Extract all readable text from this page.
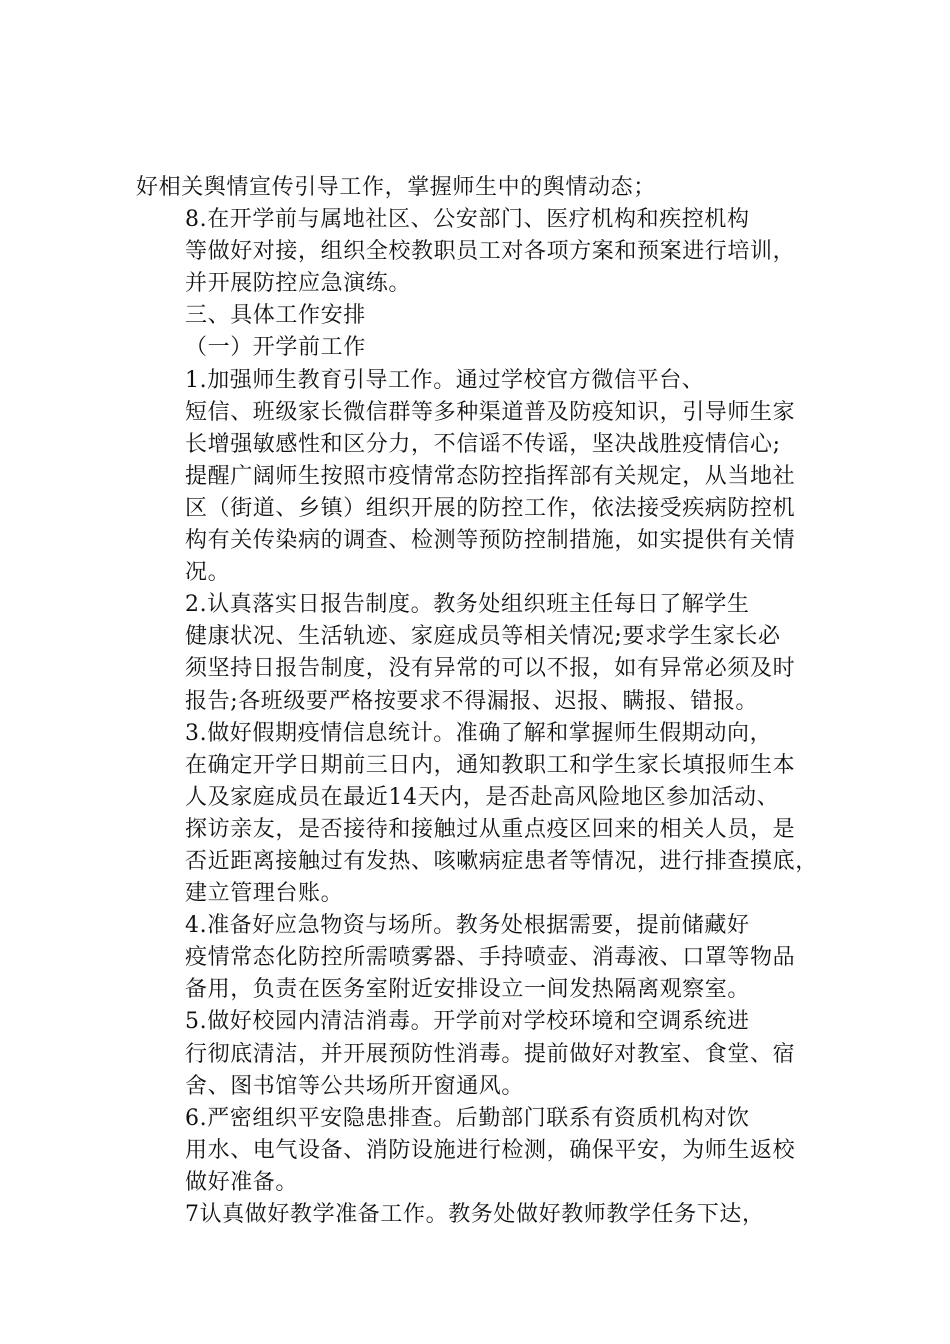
好相关舆情宣传引导工作，掌握师生中的舆情动态；
8.在开学前与属地社区、公安部门、医疗机构和疾控机构
等做好对接，组织全校教职员工对各项方案和预案进行培训，
并开展防控应急演练。
三、具体工作安排
（一）开学前工作
1.加强师生教育引导工作。通过学校官方微信平台、
短信、班级家长微信群等多种渠道普及防疫知识，引导师生家
长增强敏感性和区分力，不信谣不传谣，坚决战胜疫情信心;
提醒广阔师生按照市疫情常态防控指挥部有关规定，从当地社
区（街道、乡镇）组织开展的防控工作，依法接受疾病防控机
构有关传染病的调查、检测等预防控制措施，如实提供有关情
况。
2.认真落实日报告制度。教务处组织班主任每日了解学生
健康状况、生活轨迹、家庭成员等相关情况;要求学生家长必
须坚持日报告制度，没有异常的可以不报，如有异常必须及时
报告;各班级要严格按要求不得漏报、迟报、瞒报、错报。
3.做好假期疫情信息统计。准确了解和掌握师生假期动向，
在确定开学日期前三日内，通知教职工和学生家长填报师生本
人及家庭成员在最近14天内，是否赴高风险地区参加活动、
探访亲友，是否接待和接触过从重点疫区回来的相关人员，是
否近距离接触过有发热、咳嗽病症患者等情况，进行排查摸底，
建立管理台账。
4.准备好应急物资与场所。教务处根据需要，提前储藏好
疫情常态化防控所需喷雾器、手持喷壶、消毒液、口罩等物品
备用，负责在医务室附近安排设立一间发热隔离观察室。
5.做好校园内清洁消毒。开学前对学校环境和空调系统进
行彻底清洁，并开展预防性消毒。提前做好对教室、食堂、宿
舍、图书馆等公共场所开窗通风。
6.严密组织平安隐患排查。后勤部门联系有资质机构对饮
用水、电气设备、消防设施进行检测，确保平安，为师生返校
做好准备。
7认真做好教学准备工作。教务处做好教师教学任务下达，
